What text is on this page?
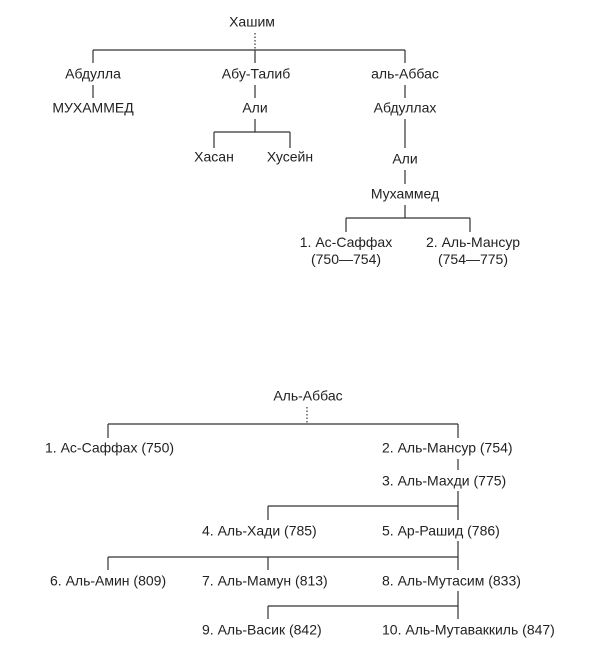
Хашим
Абдулла
МУХАММЕД
Абу-Талиб
Али
Хасан Хусейн
аль-Аббас
Абдуллах
Али
Мухаммед
1. Ас-Саффах
(750—754)
2. Аль-Мансур
(754—775)
Аль-Аббас
1. Ас-Саффах (750)	2. Аль-Мансур (754)
3. Аль-Махди (775)
4. Аль-Хади (785)	5. Ар-Рашид (786)
6. Аль-Амин (809)	7. Аль-Мамун (813)	8. Аль-Мутасим (833)
9. Аль-Васик (842)	10. Аль-Мутаваккиль (847)
